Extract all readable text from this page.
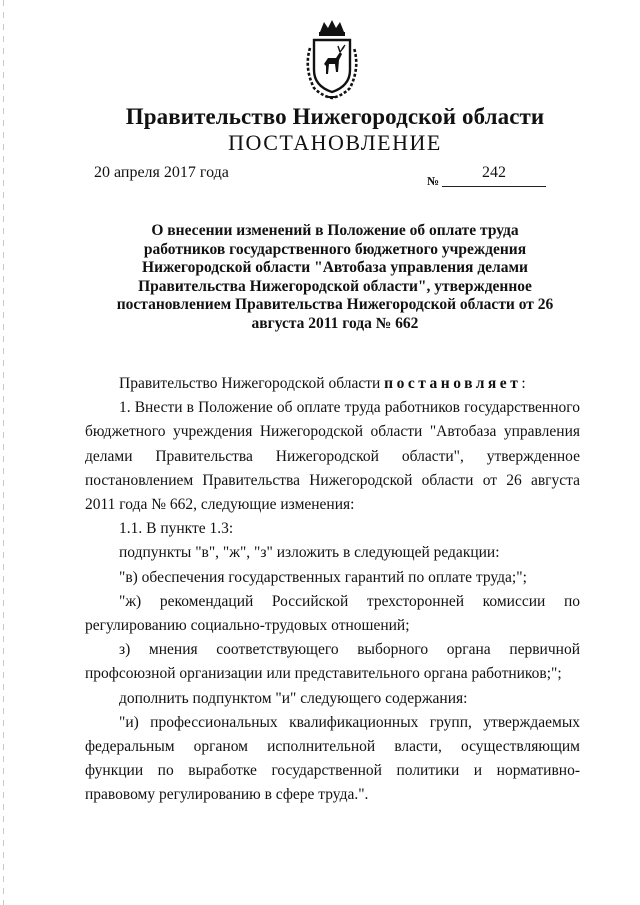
Правительство Нижегородской области
ПОСТАНОВЛЕНИЕ
20 апреля 2017 года	№	242
О внесении изменений в Положение об оплате труда работников государственного бюджетного учреждения Нижегородской области "Автобаза управления делами Правительства Нижегородской области", утвержденное постановлением Правительства Нижегородской области от 26 августа 2011 года № 662

Правительство Нижегородской области постановляет:

1. Внести в Положение об оплате труда работников государственного бюджетного учреждения Нижегородской области "Автобаза управления делами Правительства Нижегородской области", утвержденное постановлением Правительства Нижегородской области от 26 августа 2011 года № 662, следующие изменения:

1.1. В пункте 1.3:

подпункты "в", "ж", "з" изложить в следующей редакции:

"в) обеспечения государственных гарантий по оплате труда;";

"ж) рекомендаций Российской трехсторонней комиссии по регулированию социально-трудовых отношений;

з) мнения соответствующего выборного органа первичной профсоюзной организации или представительного органа работников;";

дополнить подпунктом "и" следующего содержания:

"и) профессиональных квалификационных групп, утверждаемых федеральным органом исполнительной власти, осуществляющим функции по выработке государственной политики и нормативно-правовому регулированию в сфере труда.".
